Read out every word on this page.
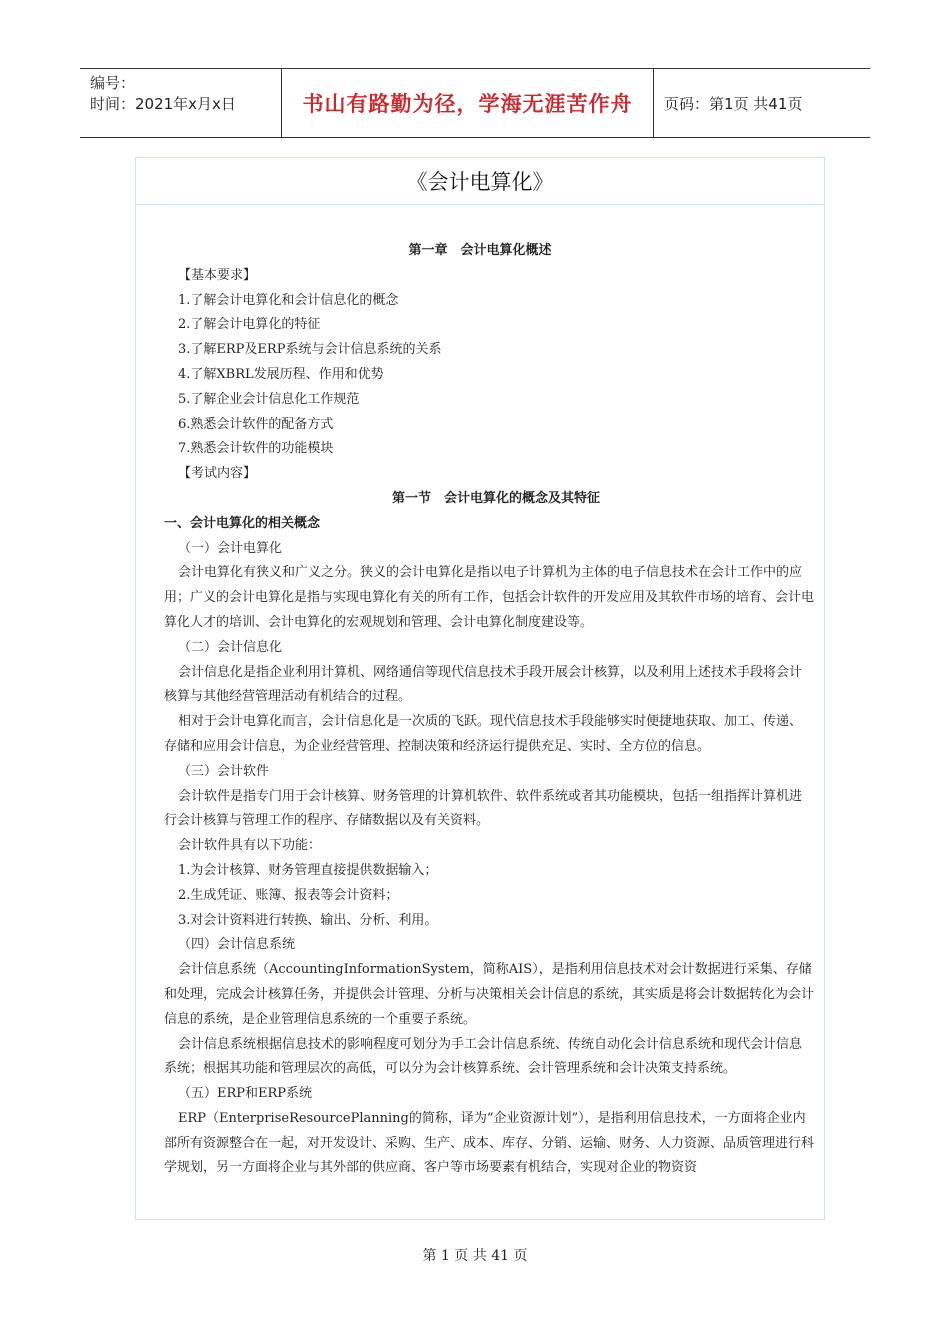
编号：
时间：2021年x月x日	书山有路勤为径，学海无涯苦作舟	页码：第1页 共41页
《会计电算化》

第一章　会计电算化概述

【基本要求】

1.了解会计电算化和会计信息化的概念

2.了解会计电算化的特征

3.了解ERP及ERP系统与会计信息系统的关系

4.了解XBRL发展历程、作用和优势

5.了解企业会计信息化工作规范

6.熟悉会计软件的配备方式

7.熟悉会计软件的功能模块

【考试内容】

第一节　会计电算化的概念及其特征

一、会计电算化的相关概念

（一）会计电算化

会计电算化有狭义和广义之分。狭义的会计电算化是指以电子计算机为主体的电子信息技术在会计工作中的应用；广义的会计电算化是指与实现电算化有关的所有工作，包括会计软件的开发应用及其软件市场的培育、会计电算化人才的培训、会计电算化的宏观规划和管理、会计电算化制度建设等。

（二）会计信息化

会计信息化是指企业利用计算机、网络通信等现代信息技术手段开展会计核算，以及利用上述技术手段将会计核算与其他经营管理活动有机结合的过程。

相对于会计电算化而言，会计信息化是一次质的飞跃。现代信息技术手段能够实时便捷地获取、加工、传递、存储和应用会计信息，为企业经营管理、控制决策和经济运行提供充足、实时、全方位的信息。

（三）会计软件

会计软件是指专门用于会计核算、财务管理的计算机软件、软件系统或者其功能模块，包括一组指挥计算机进行会计核算与管理工作的程序、存储数据以及有关资料。

会计软件具有以下功能：

1.为会计核算、财务管理直接提供数据输入；

2.生成凭证、账簿、报表等会计资料；

3.对会计资料进行转换、输出、分析、利用。

（四）会计信息系统

会计信息系统（AccountingInformationSystem，简称AIS），是指利用信息技术对会计数据进行采集、存储和处理，完成会计核算任务，并提供会计管理、分析与决策相关会计信息的系统，其实质是将会计数据转化为会计信息的系统，是企业管理信息系统的一个重要子系统。

会计信息系统根据信息技术的影响程度可划分为手工会计信息系统、传统自动化会计信息系统和现代会计信息系统；根据其功能和管理层次的高低，可以分为会计核算系统、会计管理系统和会计决策支持系统。

（五）ERP和ERP系统

ERP（EnterpriseResourcePlanning的简称，译为“企业资源计划”），是指利用信息技术，一方面将企业内部所有资源整合在一起，对开发设计、采购、生产、成本、库存、分销、运输、财务、人力资源、品质管理进行科学规划，另一方面将企业与其外部的供应商、客户等市场要素有机结合，实现对企业的物资资

第 1 页 共 41 页
